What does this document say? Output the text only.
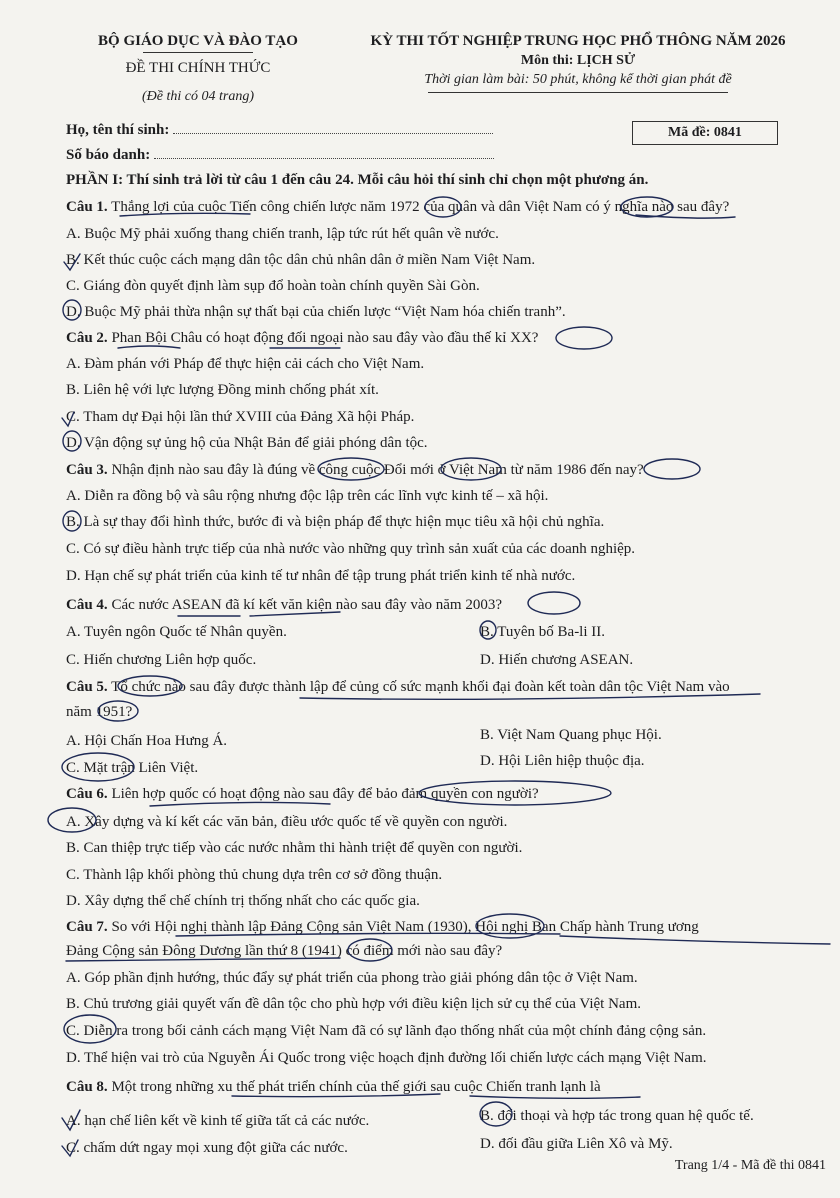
BỘ GIÁO DỤC VÀ ĐÀO TẠO
ĐỀ THI CHÍNH THỨC
(Đề thi có 04 trang)
KỲ THI TỐT NGHIỆP TRUNG HỌC PHỔ THÔNG NĂM 2026
Môn thi: LỊCH SỬ
Thời gian làm bài: 50 phút, không kể thời gian phát đề
Họ, tên thí sinh:
Số báo danh:
Mã đề: 0841
PHẦN I: Thí sinh trả lời từ câu 1 đến câu 24. Mỗi câu hỏi thí sinh chỉ chọn một phương án.
Câu 1. Thắng lợi của cuộc Tiến công chiến lược năm 1972 của quân và dân Việt Nam có ý nghĩa nào sau đây?
A. Buộc Mỹ phải xuống thang chiến tranh, lập tức rút hết quân về nước.
B. Kết thúc cuộc cách mạng dân tộc dân chủ nhân dân ở miền Nam Việt Nam.
C. Giáng đòn quyết định làm sụp đổ hoàn toàn chính quyền Sài Gòn.
D. Buộc Mỹ phải thừa nhận sự thất bại của chiến lược “Việt Nam hóa chiến tranh”.
Câu 2. Phan Bội Châu có hoạt động đối ngoại nào sau đây vào đầu thế kỉ XX?
A. Đàm phán với Pháp để thực hiện cải cách cho Việt Nam.
B. Liên hệ với lực lượng Đồng minh chống phát xít.
C. Tham dự Đại hội lần thứ XVIII của Đảng Xã hội Pháp.
D. Vận động sự ủng hộ của Nhật Bản để giải phóng dân tộc.
Câu 3. Nhận định nào sau đây là đúng về công cuộc Đổi mới ở Việt Nam từ năm 1986 đến nay?
A. Diễn ra đồng bộ và sâu rộng nhưng độc lập trên các lĩnh vực kinh tế – xã hội.
B. Là sự thay đổi hình thức, bước đi và biện pháp để thực hiện mục tiêu xã hội chủ nghĩa.
C. Có sự điều hành trực tiếp của nhà nước vào những quy trình sản xuất của các doanh nghiệp.
D. Hạn chế sự phát triển của kinh tế tư nhân để tập trung phát triển kinh tế nhà nước.
Câu 4. Các nước ASEAN đã kí kết văn kiện nào sau đây vào năm 2003?
A. Tuyên ngôn Quốc tế Nhân quyền.	B. Tuyên bố Ba-li II.
C. Hiến chương Liên hợp quốc.	D. Hiến chương ASEAN.
Câu 5. Tổ chức nào sau đây được thành lập để củng cố sức mạnh khối đại đoàn kết toàn dân tộc Việt Nam vào
năm 1951?
A. Hội Chấn Hoa Hưng Á.	B. Việt Nam Quang phục Hội.
C. Mặt trận Liên Việt.	D. Hội Liên hiệp thuộc địa.
Câu 6. Liên hợp quốc có hoạt động nào sau đây để bảo đảm quyền con người?
A. Xây dựng và kí kết các văn bản, điều ước quốc tế về quyền con người.
B. Can thiệp trực tiếp vào các nước nhằm thi hành triệt để quyền con người.
C. Thành lập khối phòng thủ chung dựa trên cơ sở đồng thuận.
D. Xây dựng thể chế chính trị thống nhất cho các quốc gia.
Câu 7. So với Hội nghị thành lập Đảng Cộng sản Việt Nam (1930), Hội nghị Ban Chấp hành Trung ương
Đảng Cộng sản Đông Dương lần thứ 8 (1941) có điểm mới nào sau đây?
A. Góp phần định hướng, thúc đẩy sự phát triển của phong trào giải phóng dân tộc ở Việt Nam.
B. Chủ trương giải quyết vấn đề dân tộc cho phù hợp với điều kiện lịch sử cụ thể của Việt Nam.
C. Diễn ra trong bối cảnh cách mạng Việt Nam đã có sự lãnh đạo thống nhất của một chính đảng cộng sản.
D. Thể hiện vai trò của Nguyễn Ái Quốc trong việc hoạch định đường lối chiến lược cách mạng Việt Nam.
Câu 8. Một trong những xu thế phát triển chính của thế giới sau cuộc Chiến tranh lạnh là
A. hạn chế liên kết về kinh tế giữa tất cả các nước.	B. đối thoại và hợp tác trong quan hệ quốc tế.
C. chấm dứt ngay mọi xung đột giữa các nước.	D. đối đầu giữa Liên Xô và Mỹ.
Trang 1/4 - Mã đề thi 0841
